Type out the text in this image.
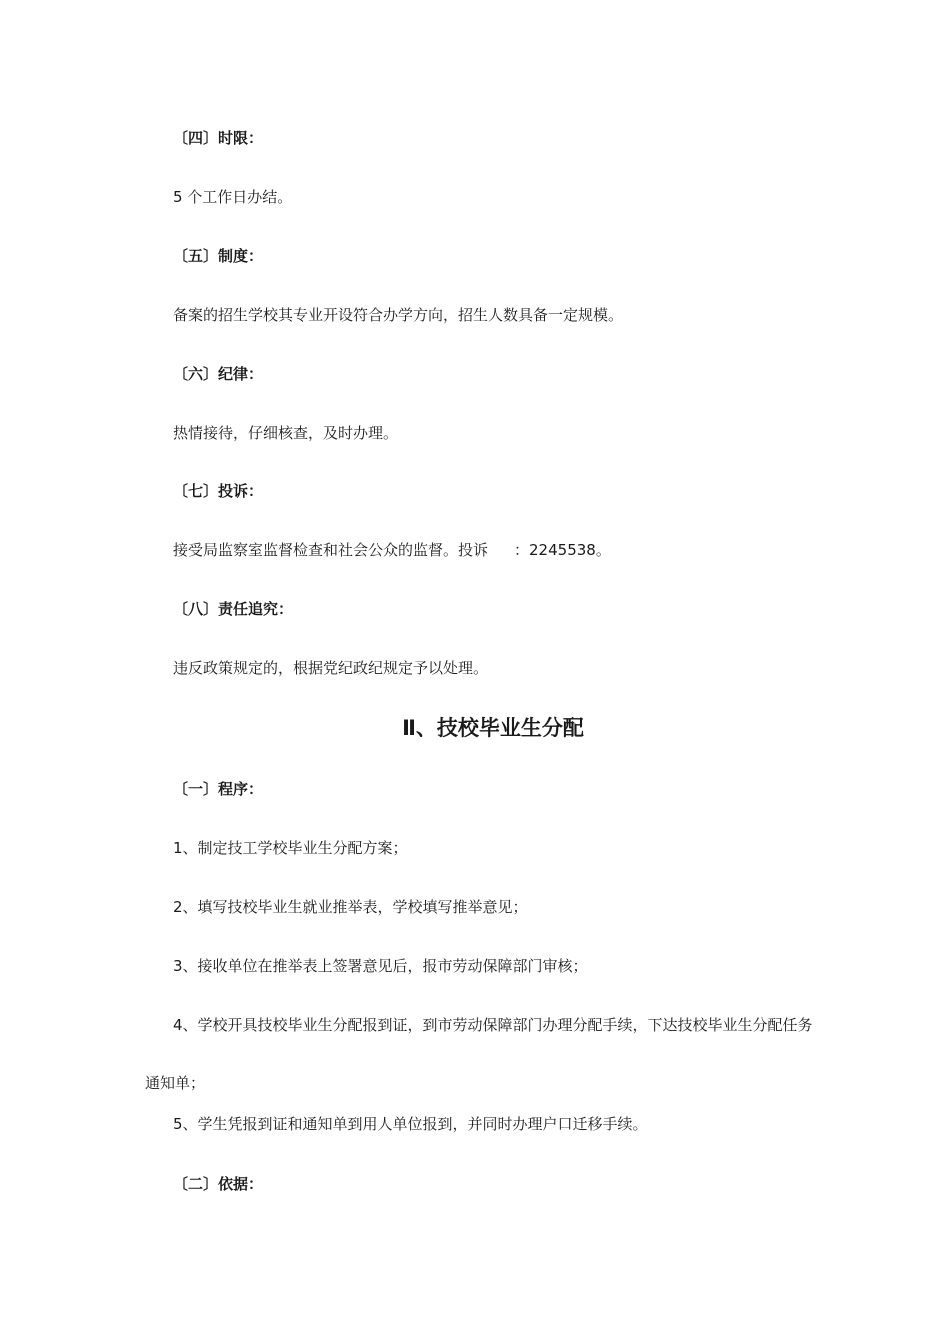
〔四〕时限：
5 个工作日办结。
〔五〕制度：
备案的招生学校其专业开设符合办学方向，招生人数具备一定规模。
〔六〕纪律：
热情接待，仔细核查，及时办理。
〔七〕投诉：
接受局监察室监督检查和社会公众的监督。投诉 ：2245538。
〔八〕责任追究：
违反政策规定的，根据党纪政纪规定予以处理。
Ⅱ、技校毕业生分配
〔一〕程序：
1、制定技工学校毕业生分配方案；
2、填写技校毕业生就业推举表，学校填写推举意见；
3、接收单位在推举表上签署意见后，报市劳动保障部门审核；
4、学校开具技校毕业生分配报到证，到市劳动保障部门办理分配手续，下达技校毕业生分配任务通知单；
5、学生凭报到证和通知单到用人单位报到，并同时办理户口迁移手续。
〔二〕依据：
